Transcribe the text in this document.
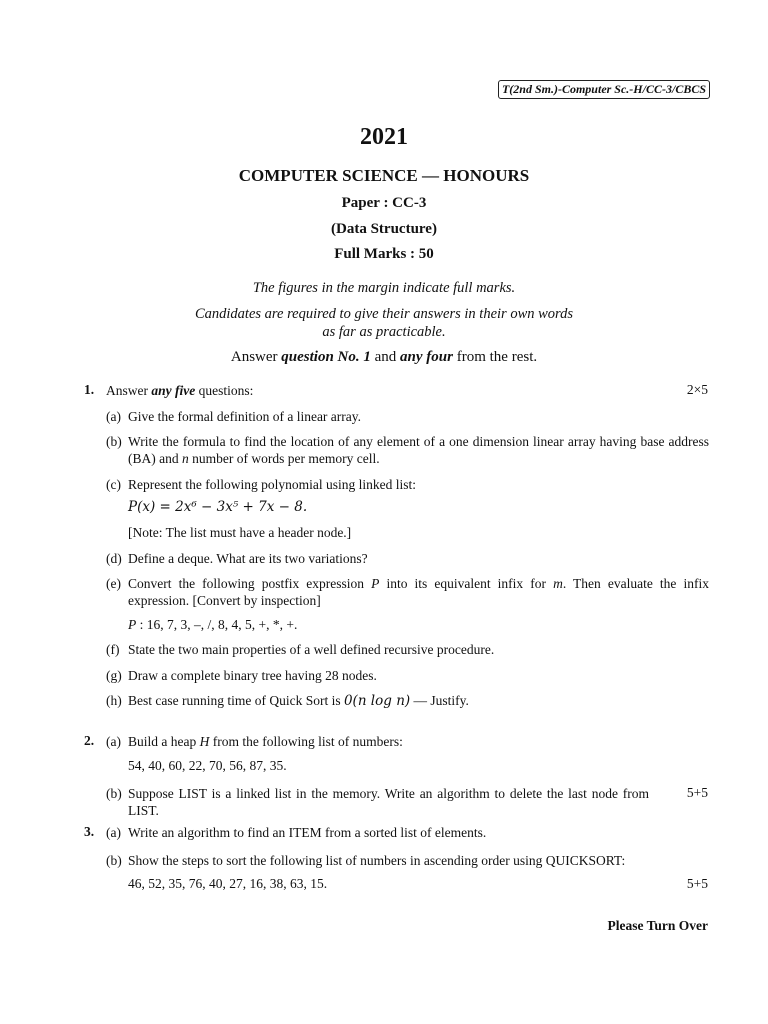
T(2nd Sm.)-Computer Sc.-H/CC-3/CBCS
2021
COMPUTER SCIENCE — HONOURS
Paper : CC-3
(Data Structure)
Full Marks : 50
The figures in the margin indicate full marks.
Candidates are required to give their answers in their own words
as far as practicable.
Answer question No. 1 and any four from the rest.
1. Answer any five questions:	2×5
(a) Give the formal definition of a linear array.
(b) Write the formula to find the location of any element of a one dimension linear array having base address (BA) and n number of words per memory cell.
(c) Represent the following polynomial using linked list:
P(x) = 2x⁶ − 3x⁵ + 7x − 8.
[Note: The list must have a header node.]
(d) Define a deque. What are its two variations?
(e) Convert the following postfix expression P into its equivalent infix for m. Then evaluate the infix expression. [Convert by inspection]
P : 16, 7, 3, –, /, 8, 4, 5, +, *, +.
(f) State the two main properties of a well defined recursive procedure.
(g) Draw a complete binary tree having 28 nodes.
(h) Best case running time of Quick Sort is 0(n log n) — Justify.
2. (a) Build a heap H from the following list of numbers:
54, 40, 60, 22, 70, 56, 87, 35.
(b) Suppose LIST is a linked list in the memory. Write an algorithm to delete the last node from LIST.
5+5
3. (a) Write an algorithm to find an ITEM from a sorted list of elements.
(b) Show the steps to sort the following list of numbers in ascending order using QUICKSORT:
46, 52, 35, 76, 40, 27, 16, 38, 63, 15.	5+5
Please Turn Over
